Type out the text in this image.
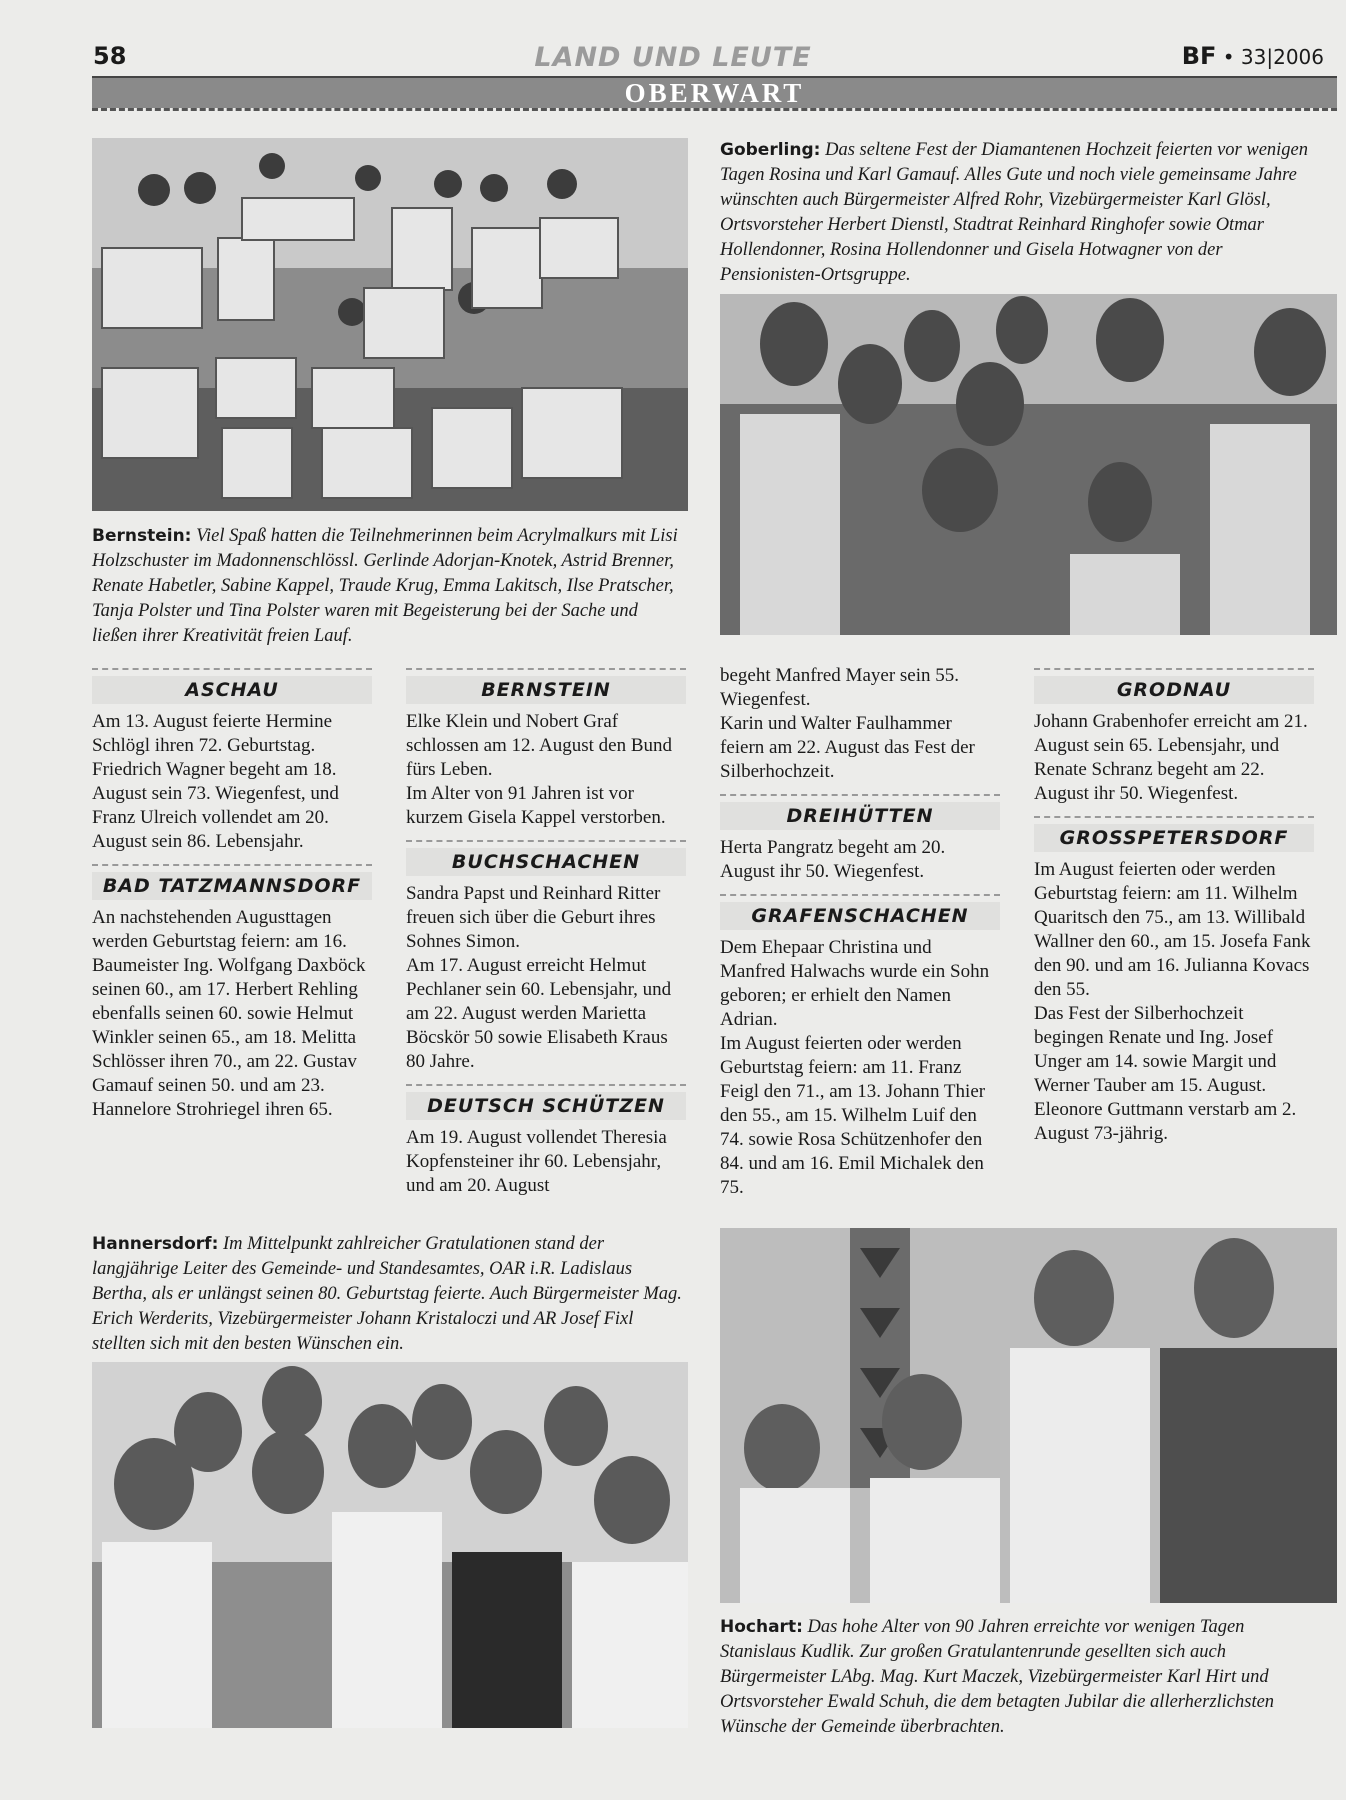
58	LAND UND LEUTE	BF • 33|2006
OBERWART
Bernstein: Viel Spaß hatten die Teilnehmerinnen beim Acrylmalkurs mit Lisi Holzschuster im Madonnenschlössl. Gerlinde Adorjan-Knotek, Astrid Brenner, Renate Habetler, Sabine Kappel, Traude Krug, Emma Lakitsch, Ilse Pratscher, Tanja Polster und Tina Polster waren mit Begeisterung bei der Sache und ließen ihrer Kreativität freien Lauf.
Goberling: Das seltene Fest der Diamantenen Hochzeit feierten vor wenigen Tagen Rosina und Karl Gamauf. Alles Gute und noch viele gemeinsame Jahre wünschten auch Bürgermeister Alfred Rohr, Vizebürgermeister Karl Glösl, Ortsvorsteher Herbert Dienstl, Stadtrat Reinhard Ringhofer sowie Otmar Hollendonner, Rosina Hollendonner und Gisela Hotwagner von der Pensionisten-Ortsgruppe.
ASCHAU

Am 13. August feierte Hermine Schlögl ihren 72. Geburtstag.

Friedrich Wagner begeht am 18. August sein 73. Wiegenfest, und Franz Ulreich vollendet am 20. August sein 86. Lebensjahr.

BAD TATZMANNSDORF

An nachstehenden Augusttagen werden Geburtstag feiern: am 16. Baumeister Ing. Wolfgang Daxböck seinen 60., am 17. Herbert Rehling ebenfalls seinen 60. sowie Helmut Winkler seinen 65., am 18. Melitta Schlösser ihren 70., am 22. Gustav Gamauf seinen 50. und am 23. Hannelore Strohriegel ihren 65.

BERNSTEIN

Elke Klein und Nobert Graf schlossen am 12. August den Bund fürs Leben.

Im Alter von 91 Jahren ist vor kurzem Gisela Kappel verstorben.

BUCHSCHACHEN

Sandra Papst und Reinhard Ritter freuen sich über die Geburt ihres Sohnes Simon.

Am 17. August erreicht Helmut Pechlaner sein 60. Lebensjahr, und am 22. August werden Marietta Böcskör 50 sowie Elisabeth Kraus 80 Jahre.

DEUTSCH SCHÜTZEN

Am 19. August vollendet Theresia Kopfensteiner ihr 60. Lebensjahr, und am 20. August

begeht Manfred Mayer sein 55. Wiegenfest.

Karin und Walter Faulhammer feiern am 22. August das Fest der Silberhochzeit.

DREIHÜTTEN

Herta Pangratz begeht am 20. August ihr 50. Wiegenfest.

GRAFENSCHACHEN

Dem Ehepaar Christina und Manfred Halwachs wurde ein Sohn geboren; er erhielt den Namen Adrian.

Im August feierten oder werden Geburtstag feiern: am 11. Franz Feigl den 71., am 13. Johann Thier den 55., am 15. Wilhelm Luif den 74. sowie Rosa Schützenhofer den 84. und am 16. Emil Michalek den 75.

GRODNAU

Johann Grabenhofer erreicht am 21. August sein 65. Lebensjahr, und Renate Schranz begeht am 22. August ihr 50. Wiegenfest.

GROSSPETERSDORF

Im August feierten oder werden Geburtstag feiern: am 11. Wilhelm Quaritsch den 75., am 13. Willibald Wallner den 60., am 15. Josefa Fank den 90. und am 16. Julianna Kovacs den 55.

Das Fest der Silberhochzeit begingen Renate und Ing. Josef Unger am 14. sowie Margit und Werner Tauber am 15. August.

Eleonore Guttmann verstarb am 2. August 73-jährig.

Hannersdorf: Im Mittelpunkt zahlreicher Gratulationen stand der langjährige Leiter des Gemeinde- und Standesamtes, OAR i.R. Ladislaus Bertha, als er unlängst seinen 80. Geburtstag feierte. Auch Bürgermeister Mag. Erich Werderits, Vizebürgermeister Johann Kristaloczi und AR Josef Fixl stellten sich mit den besten Wünschen ein.
Hochart: Das hohe Alter von 90 Jahren erreichte vor wenigen Tagen Stanislaus Kudlik. Zur großen Gratulantenrunde gesellten sich auch Bürgermeister LAbg. Mag. Kurt Maczek, Vizebürgermeister Karl Hirt und Ortsvorsteher Ewald Schuh, die dem betagten Jubilar die allerherzlichsten Wünsche der Gemeinde überbrachten.
